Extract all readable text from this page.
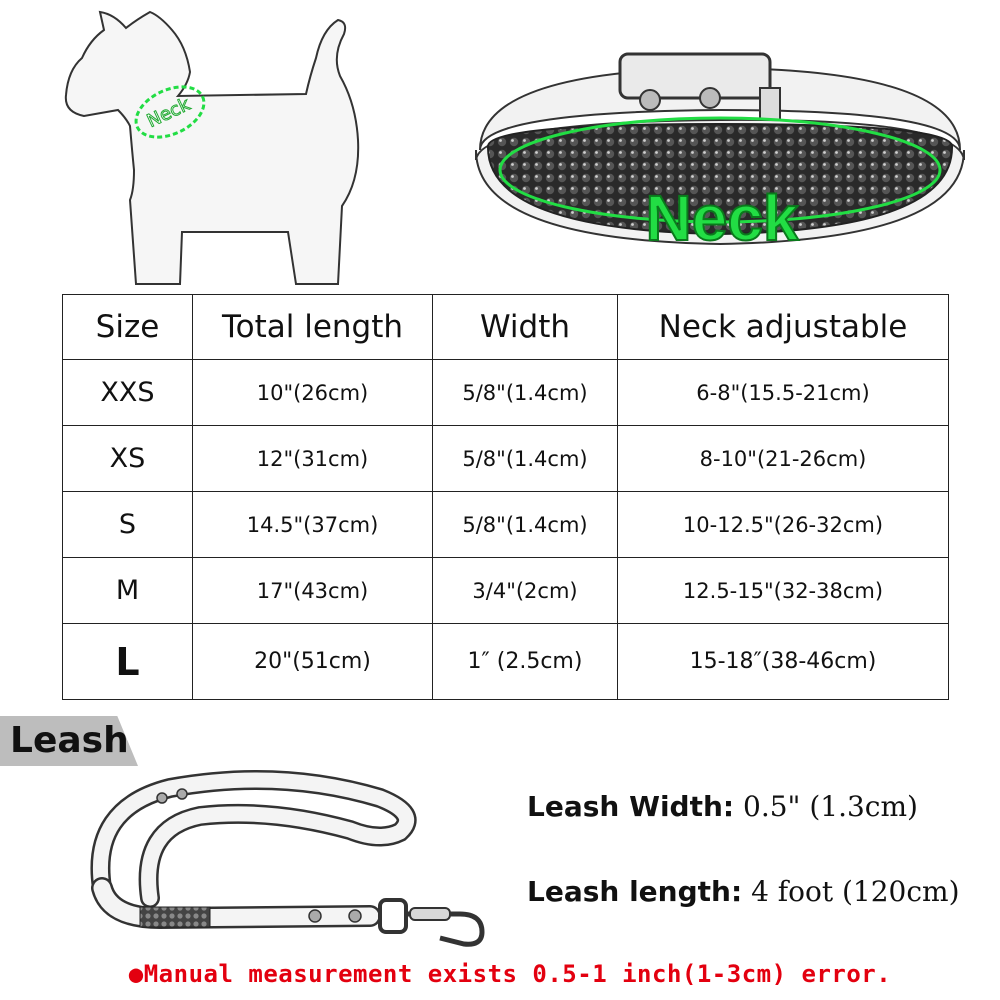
Neck
Neck
Size	Total length	Width	Neck adjustable
XXS	10"(26cm)	5/8"(1.4cm)	6-8"(15.5-21cm)
XS	12"(31cm)	5/8"(1.4cm)	8-10"(21-26cm)
S	14.5"(37cm)	5/8"(1.4cm)	10-12.5"(26-32cm)
M	17"(43cm)	3/4"(2cm)	12.5-15"(32-38cm)
L	20"(51cm)	1″ (2.5cm)	15-18″(38-46cm)
Leash
Leash Width: 0.5" (1.3cm)
Leash length: 4 foot (120cm)
●Manual measurement exists 0.5-1 inch(1-3cm) error.
